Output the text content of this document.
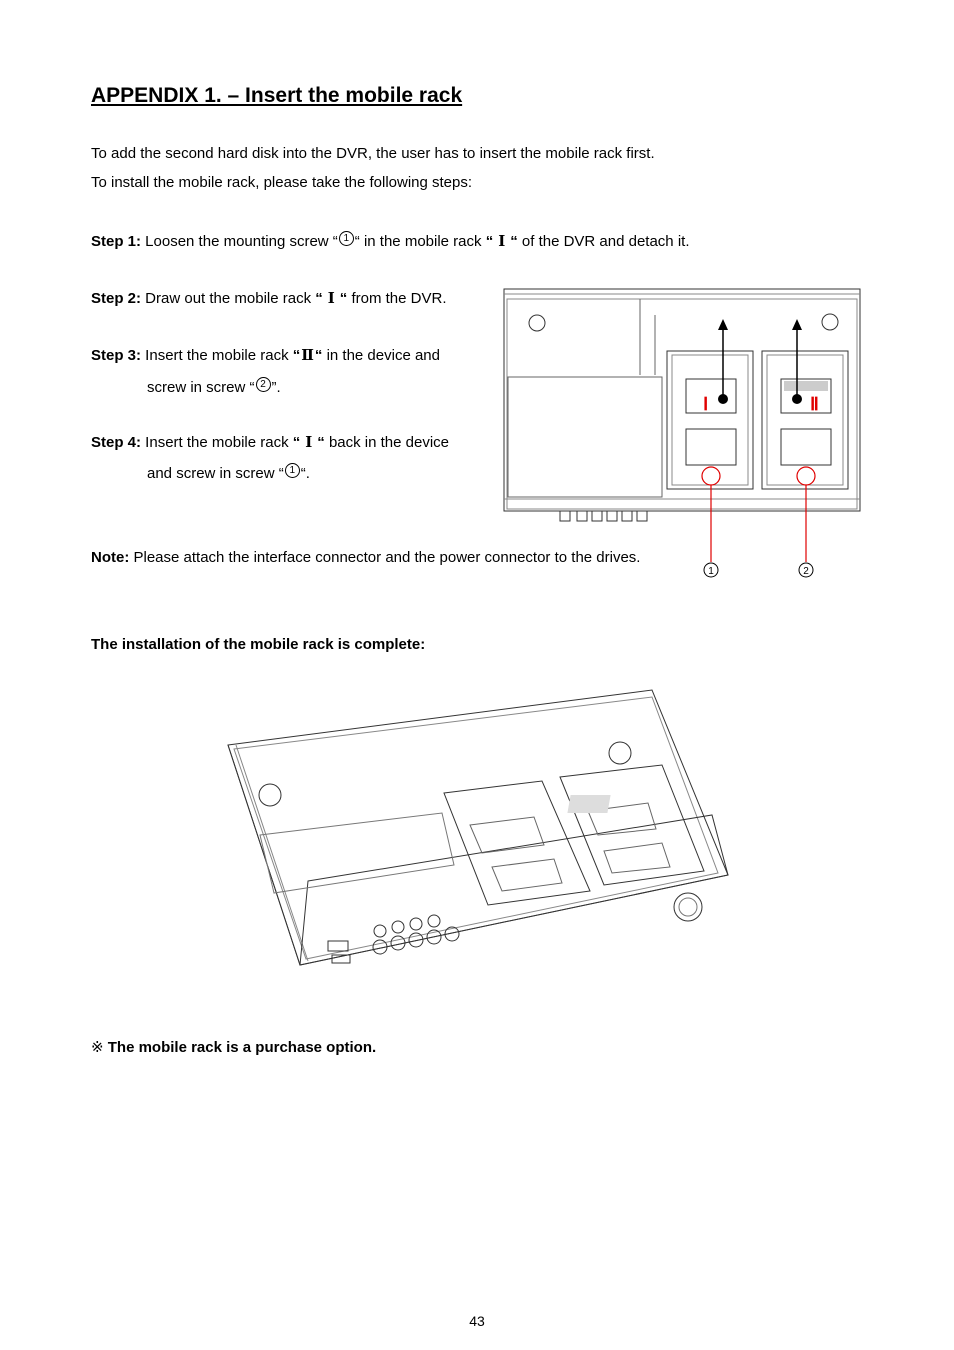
APPENDIX 1. – Insert the mobile rack
To add the second hard disk into the DVR, the user has to insert the mobile rack first.
To install the mobile rack, please take the following steps:
Step 1: Loosen the mounting screw “ 1 “ in the mobile rack “ Ⅰ “ of the DVR and detach it.
Step 2: Draw out the mobile rack “ Ⅰ “ from the DVR.
Step 3: Insert the mobile rack “Ⅱ“ in the device and
screw in screw “ 2 ”.
Step 4: Insert the mobile rack “ Ⅰ “ back in the device
and screw in screw “ 1 “.
Note: Please attach the interface connector and the power connector to the drives.
Ⅰ	Ⅱ
1	2
The installation of the mobile rack is complete:
※ The mobile rack is a purchase option.
43
